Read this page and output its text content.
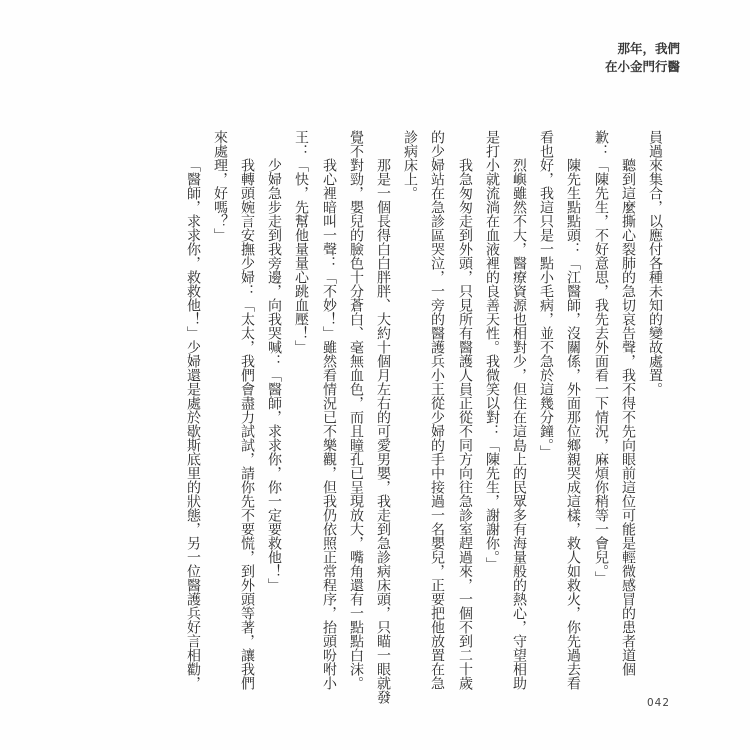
那年，我們
在小金門行醫
員過來集合，以應付各種未知的變故處置。
聽到這麼撕心裂肺的急切哀告聲，我不得不先向眼前這位可能是輕微感冒的患者道個
歉：「陳先生，不好意思，我先去外面看一下情況，麻煩你稍等一會兒。」
陳先生點點頭：「江醫師，沒關係，外面那位鄉親哭成這樣，救人如救火，你先過去看
看也好，我這只是一點小毛病，並不急於這幾分鐘。」
烈嶼雖然不大，醫療資源也相對少，但住在這島上的民眾多有海量般的熱心，守望相助
是打小就流淌在血液裡的良善天性。我微笑以對：「陳先生，謝謝你。」
我急匆匆走到外頭，只見所有醫護人員正從不同方向往急診室趕過來，一個不到二十歲
的少婦站在急診區哭泣，一旁的醫護兵小王從少婦的手中接過一名嬰兒，正要把他放置在急
診病床上。
那是一個長得白白胖胖、大約十個月左右的可愛男嬰，我走到急診病床頭，只瞄一眼就發
覺不對勁，嬰兒的臉色十分蒼白、毫無血色，而且瞳孔已呈現放大，嘴角還有一點點白沫。
我心裡暗叫一聲：「不妙！」雖然看情況已不樂觀，但我仍依照正常程序，抬頭吩咐小
王：「快，先幫他量量心跳血壓！」
少婦急步走到我旁邊，向我哭喊：「醫師，求求你，你一定要救他！」
我轉頭婉言安撫少婦：「太太，我們會盡力試試，請你先不要慌，到外頭等著，讓我們
來處理，好嗎？」
「醫師，求求你，救救他！」少婦還是處於歇斯底里的狀態，另一位醫護兵好言相勸，
042
